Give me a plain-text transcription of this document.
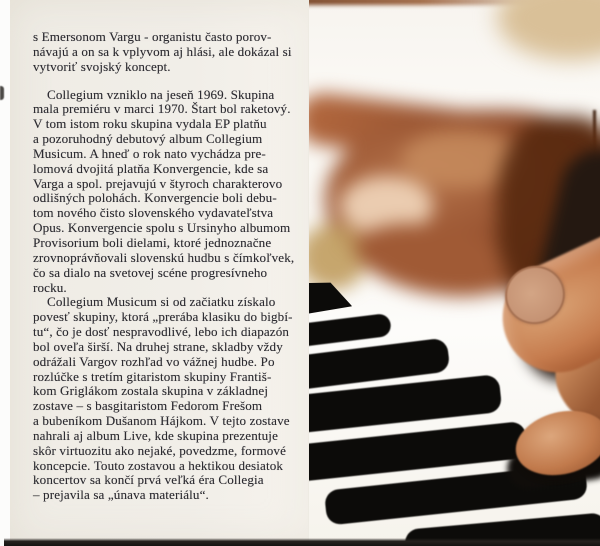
s Emersonom Vargu - organistu často porov-
návajú a on sa k vplyvom aj hlási, ale dokázal si
vytvoriť svojský koncept.
Collegium vzniklo na jeseň 1969. Skupina
mala premiéru v marci 1970. Štart bol raketový.
V tom istom roku skupina vydala EP platňu
a pozoruhodný debutový album Collegium
Musicum. A hneď o rok nato vychádza pre-
lomová dvojitá platňa Konvergencie, kde sa
Varga a spol. prejavujú v štyroch charakterovo
odlišných polohách. Konvergencie boli debu-
tom nového čisto slovenského vydavateľstva
Opus. Konvergencie spolu s Ursinyho albumom
Provisorium boli dielami, ktoré jednoznačne
zrovnoprávňovali slovenskú hudbu s čímkoľvek,
čo sa dialo na svetovej scéne progresívneho
rocku.
Collegium Musicum si od začiatku získalo
povesť skupiny, ktorá „prerába klasiku do bigbí-
tu“, čo je dosť nespravodlivé, lebo ich diapazón
bol oveľa širší. Na druhej strane, skladby vždy
odrážali Vargov rozhľad vo vážnej hudbe. Po
rozlúčke s tretím gitaristom skupiny Františ-
kom Griglákom zostala skupina v základnej
zostave – s basgitaristom Fedorom Frešom
a bubeníkom Dušanom Hájkom. V tejto zostave
nahrali aj album Live, kde skupina prezentuje
skôr virtuozitu ako nejaké, povedzme, formové
koncepcie. Touto zostavou a hektikou desiatok
koncertov sa končí prvá veľká éra Collegia
– prejavila sa „únava materiálu“.
